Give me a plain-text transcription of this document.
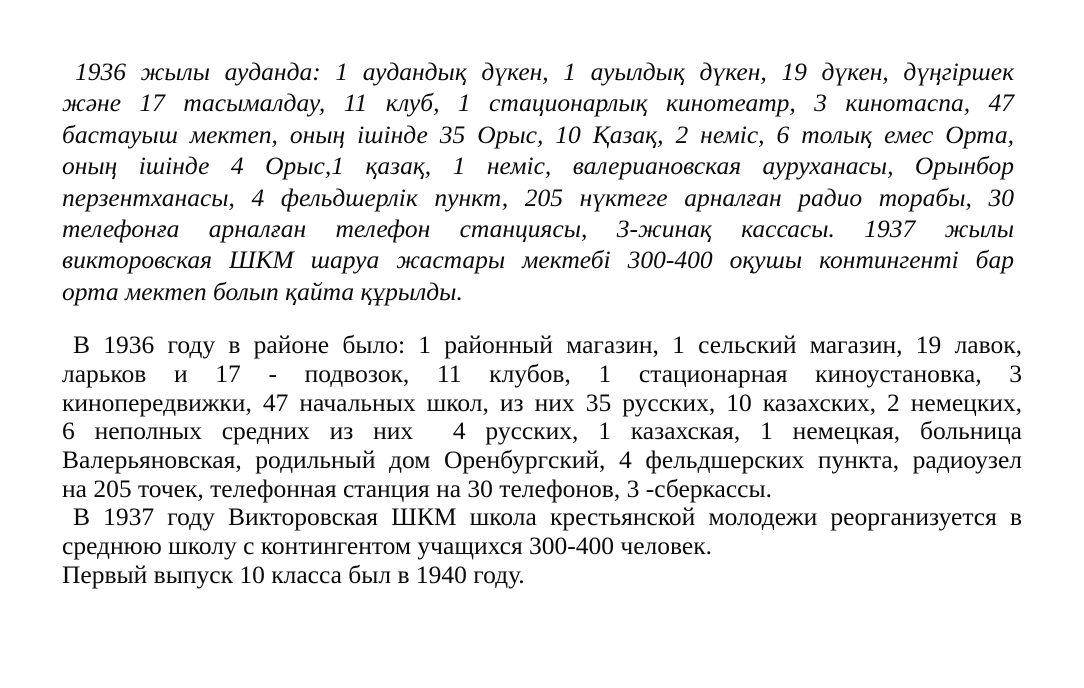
1936 жылы ауданда: 1 аудандық дүкен, 1 ауылдық дүкен, 19 дүкен, дүңгіршек
және 17 тасымалдау, 11 клуб, 1 стационарлық кинотеатр, 3 кинотаспа, 47
бастауыш мектеп, оның ішінде 35 Орыс, 10 Қазақ, 2 неміс, 6 толық емес Орта,
оның ішінде 4 Орыс,1 қазақ, 1 неміс, валериановская ауруханасы, Орынбор
перзентханасы, 4 фельдшерлік пункт, 205 нүктеге арналған радио торабы, 30
телефонға арналған телефон станциясы, 3-жинақ кассасы. 1937 жылы
викторовская ШКМ шаруа жастары мектебі 300-400 оқушы контингенті бар
орта мектеп болып қайта құрылды.
В 1936 году в районе было: 1 районный магазин, 1 сельский магазин, 19 лавок,
ларьков и 17 - подвозок, 11 клубов, 1 стационарная киноустановка, 3
кинопередвижки, 47 начальных школ, из них 35 русских, 10 казахских, 2 немецких,
6 неполных средних из них  4 русских, 1 казахская, 1 немецкая, больница
Валерьяновская, родильный дом Оренбургский, 4 фельдшерских пункта, радиоузел
на 205 точек, телефонная станция на 30 телефонов, 3 -сберкассы.
В 1937 году Викторовская ШКМ школа крестьянской молодежи реорганизуется в
среднюю школу с контингентом учащихся 300-400 человек.
Первый выпуск 10 класса был в 1940 году.
